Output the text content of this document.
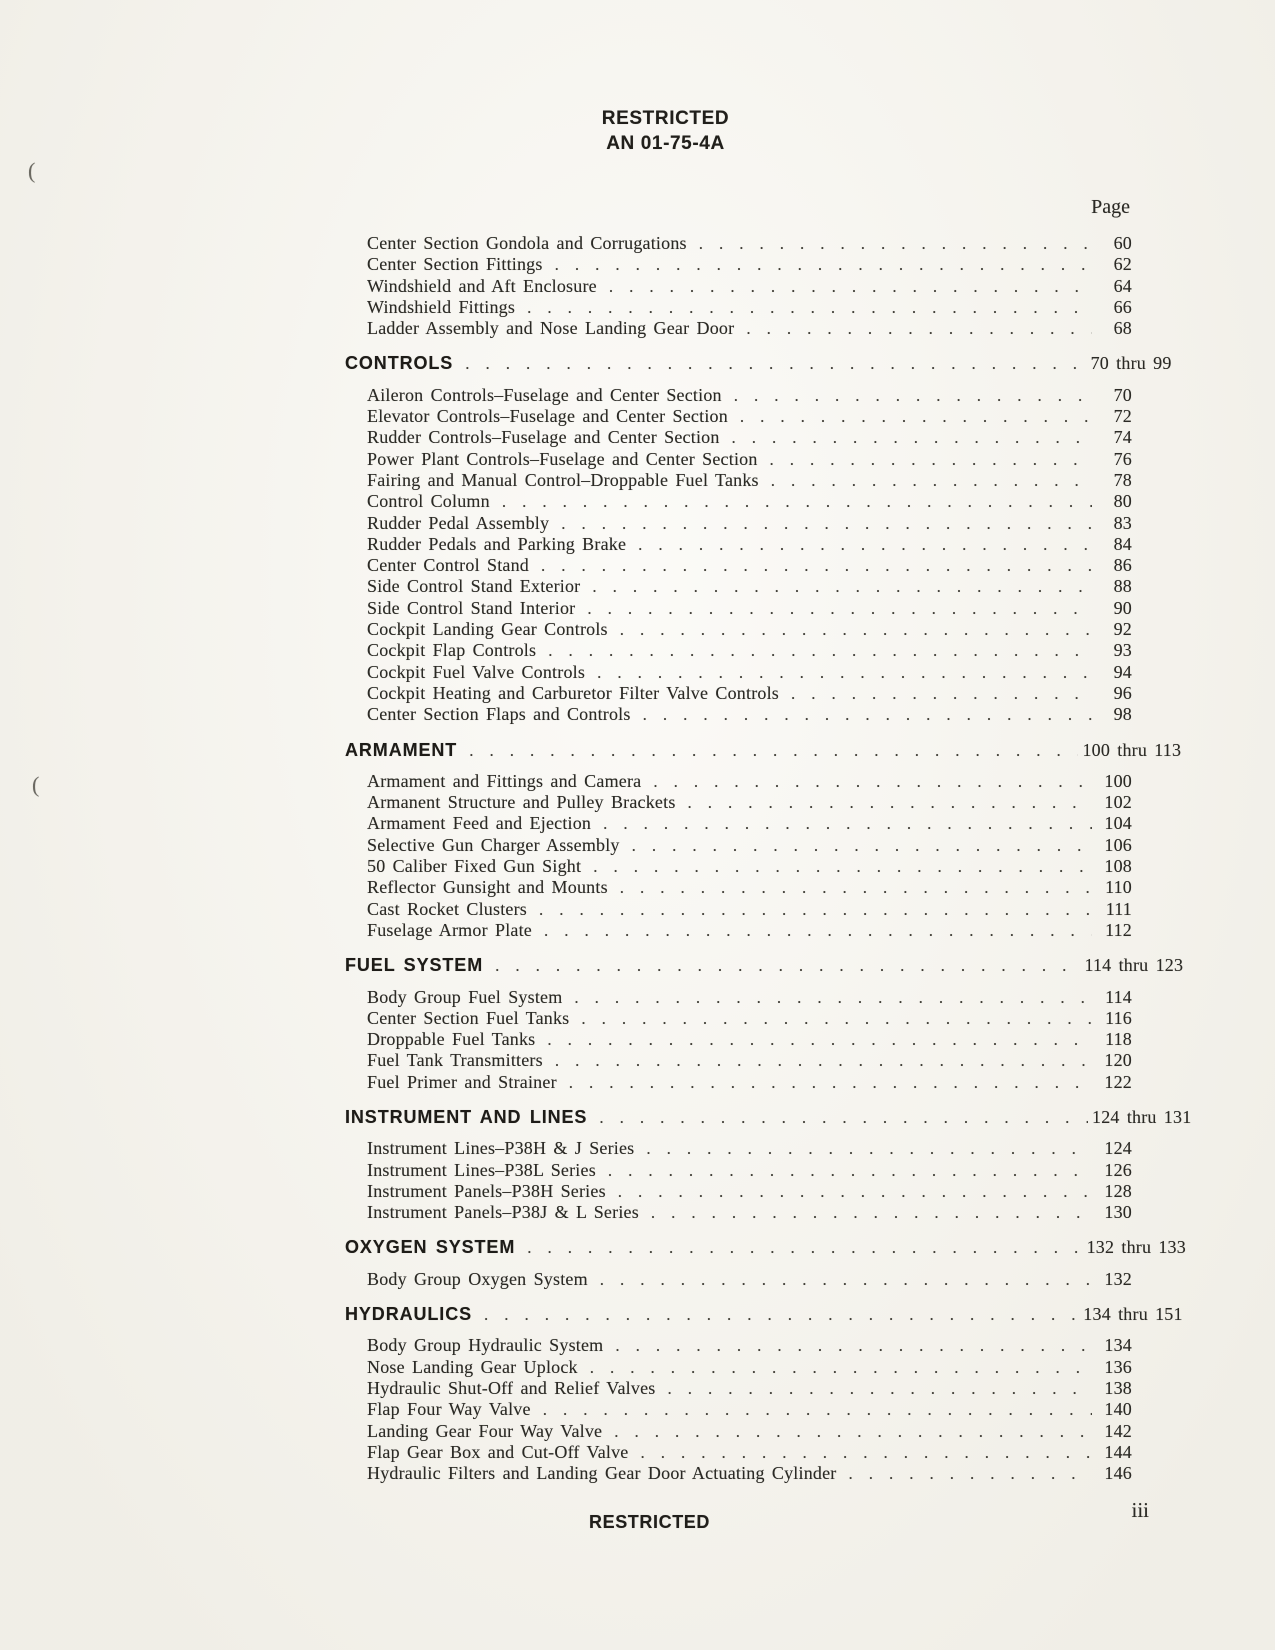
(
(
RESTRICTED
AN 01-75-4A
Page
Center Section Gondola and Corrugations .....	60
Center Section Fittings .....	62
Windshield and Aft Enclosure .....	64
Windshield Fittings .....	66
Ladder Assembly and Nose Landing Gear Door .....	68
CONTROLS .....	70 thru 99
Aileron Controls–Fuselage and Center Section .....	70
Elevator Controls–Fuselage and Center Section .....	72
Rudder Controls–Fuselage and Center Section .....	74
Power Plant Controls–Fuselage and Center Section .....	76
Fairing and Manual Control–Droppable Fuel Tanks .....	78
Control Column .....	80
Rudder Pedal Assembly .....	83
Rudder Pedals and Parking Brake .....	84
Center Control Stand .....	86
Side Control Stand Exterior .....	88
Side Control Stand Interior .....	90
Cockpit Landing Gear Controls .....	92
Cockpit Flap Controls .....	93
Cockpit Fuel Valve Controls .....	94
Cockpit Heating and Carburetor Filter Valve Controls .....	96
Center Section Flaps and Controls .....	98
ARMAMENT .....	100 thru 113
Armament and Fittings and Camera .....	100
Armanent Structure and Pulley Brackets .....	102
Armament Feed and Ejection .....	104
Selective Gun Charger Assembly .....	106
50 Caliber Fixed Gun Sight .....	108
Reflector Gunsight and Mounts .....	110
Cast Rocket Clusters .....	111
Fuselage Armor Plate .....	112
FUEL SYSTEM .....	114 thru 123
Body Group Fuel System .....	114
Center Section Fuel Tanks .....	116
Droppable Fuel Tanks .....	118
Fuel Tank Transmitters .....	120
Fuel Primer and Strainer .....	122
INSTRUMENT AND LINES .....	124 thru 131
Instrument Lines–P38H & J Series .....	124
Instrument Lines–P38L Series .....	126
Instrument Panels–P38H Series .....	128
Instrument Panels–P38J & L Series .....	130
OXYGEN SYSTEM .....	132 thru 133
Body Group Oxygen System .....	132
HYDRAULICS .....	134 thru 151
Body Group Hydraulic System .....	134
Nose Landing Gear Uplock .....	136
Hydraulic Shut-Off and Relief Valves .....	138
Flap Four Way Valve .....	140
Landing Gear Four Way Valve .....	142
Flap Gear Box and Cut-Off Valve .....	144
Hydraulic Filters and Landing Gear Door Actuating Cylinder .....	146
RESTRICTED	iii
